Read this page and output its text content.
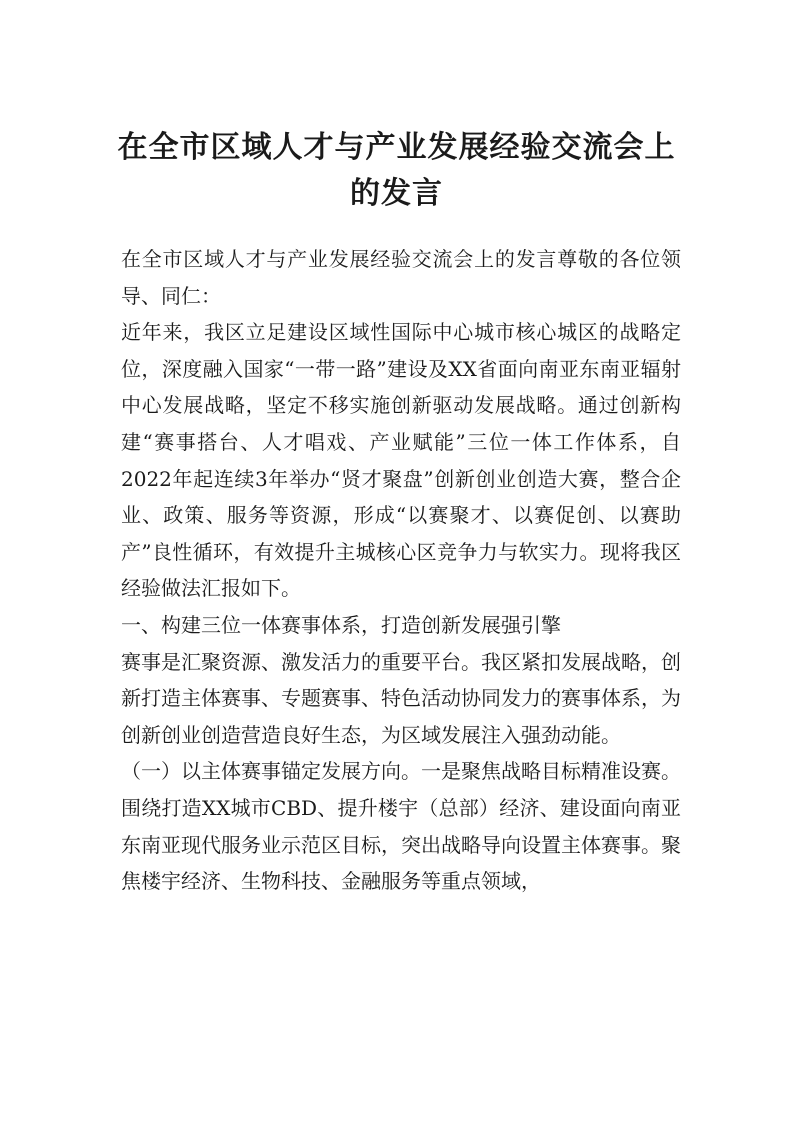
在全市区域人才与产业发展经验交流会上
的发言

在全市区域人才与产业发展经验交流会上的发言尊敬的各位领导、同仁：

近年来，我区立足建设区域性国际中心城市核心城区的战略定位，深度融入国家“一带一路”建设及XX省面向南亚东南亚辐射中心发展战略，坚定不移实施创新驱动发展战略。通过创新构建“赛事搭台、人才唱戏、产业赋能”三位一体工作体系，自2022年起连续3年举办“贤才聚盘”创新创业创造大赛，整合企业、政策、服务等资源，形成“以赛聚才、以赛促创、以赛助产”良性循环，有效提升主城核心区竞争力与软实力。现将我区经验做法汇报如下。

一、构建三位一体赛事体系，打造创新发展强引擎

赛事是汇聚资源、激发活力的重要平台。我区紧扣发展战略，创新打造主体赛事、专题赛事、特色活动协同发力的赛事体系，为创新创业创造营造良好生态，为区域发展注入强劲动能。

（一）以主体赛事锚定发展方向。一是聚焦战略目标精准设赛。围绕打造XX城市CBD、提升楼宇（总部）经济、建设面向南亚东南亚现代服务业示范区目标，突出战略导向设置主体赛事。聚焦楼宇经济、生物科技、金融服务等重点领域，
